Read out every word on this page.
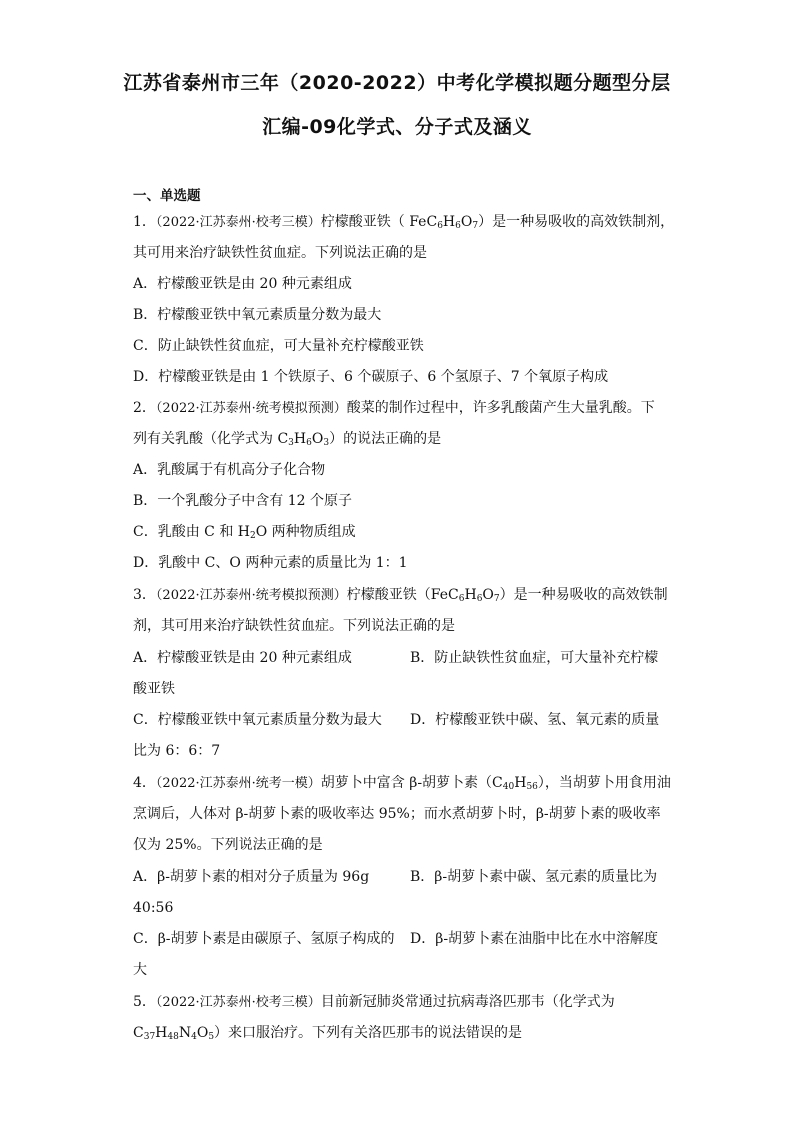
江苏省泰州市三年（2020-2022）中考化学模拟题分题型分层
汇编-09化学式、分子式及涵义
一、单选题
1．（2022·江苏泰州·校考三模）柠檬酸亚铁（ $FeC_6H_6O_7$）是一种易吸收的高效铁制剂，
其可用来治疗缺铁性贫血症。下列说法正确的是
A．柠檬酸亚铁是由 20 种元素组成
B．柠檬酸亚铁中氧元素质量分数为最大
C．防止缺铁性贫血症，可大量补充柠檬酸亚铁
D．柠檬酸亚铁是由 1 个铁原子、6 个碳原子、6 个氢原子、7 个氧原子构成
2．（2022·江苏泰州·统考模拟预测）酸菜的制作过程中，许多乳酸菌产生大量乳酸。下
列有关乳酸（化学式为 $C_3H_6O_3$）的说法正确的是
A．乳酸属于有机高分子化合物
B．一个乳酸分子中含有 12 个原子
C．乳酸由 C 和 $H_2O$ 两种物质组成
D．乳酸中 C、O 两种元素的质量比为 1：1
3．（2022·江苏泰州·统考模拟预测）柠檬酸亚铁$(FeC_6H_6O_7)$是一种易吸收的高效铁制
剂，其可用来治疗缺铁性贫血症。下列说法正确的是
A．柠檬酸亚铁是由 20 种元素组成	B．防止缺铁性贫血症，可大量补充柠檬
酸亚铁
C．柠檬酸亚铁中氧元素质量分数为最大 D．柠檬酸亚铁中碳、氢、氧元素的质量
比为 6：6：7
4．（2022·江苏泰州·统考一模）胡萝卜中富含 β-胡萝卜素$(C_{40}H_{56})$，当胡萝卜用食用油
烹调后，人体对 β-胡萝卜素的吸收率达 95%；而水煮胡萝卜时，β-胡萝卜素的吸收率
仅为 25%。下列说法正确的是
A．β-胡萝卜素的相对分子质量为 96g	B．β-胡萝卜素中碳、氢元素的质量比为
40:56
C．β-胡萝卜素是由碳原子、氢原子构成的 D．β-胡萝卜素在油脂中比在水中溶解度
大
5．（2022·江苏泰州·校考三模）目前新冠肺炎常通过抗病毒洛匹那韦（化学式为
$C_{37}H_{48}N_4O_5$）来口服治疗。下列有关洛匹那韦的说法错误的是
